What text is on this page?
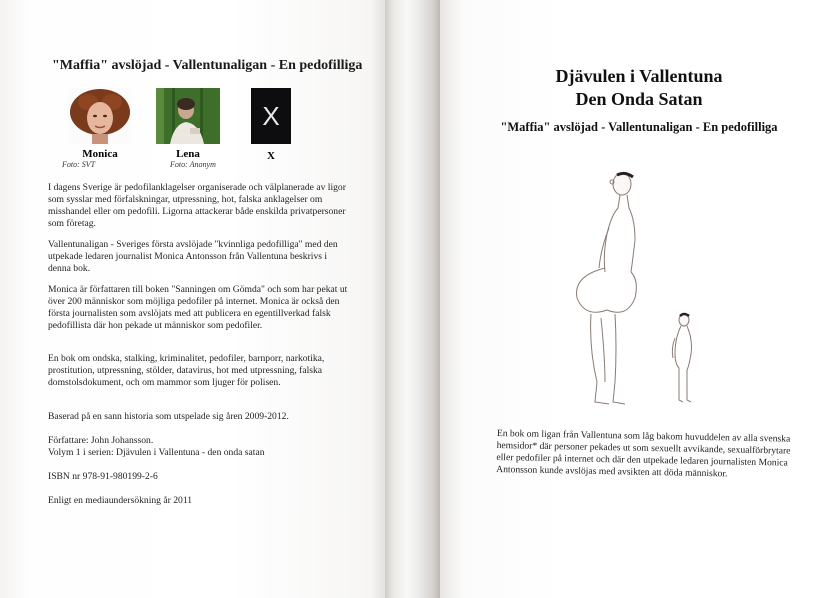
"Maffia" avslöjad - Vallentunaligan - En pedofilliga
Monica
Foto: SVT
Lena
Foto: Anonym
X
X
I dagens Sverige är pedofilanklagelser organiserade och välplanerade av ligor som sysslar med förfalskningar, utpressning, hot, falska anklagelser om misshandel eller om pedofili. Ligorna attackerar både enskilda privatpersoner som företag.
Vallentunaligan - Sveriges första avslöjade "kvinnliga pedofilliga" med den utpekade ledaren journalist Monica Antonsson från Vallentuna beskrivs i denna bok.
Monica är författaren till boken "Sanningen om Gömda" och som har pekat ut över 200 människor som möjliga pedofiler på internet. Monica är också den första journalisten som avslöjats med att publicera en egentillverkad falsk pedofillista där hon pekade ut människor som pedofiler.
En bok om ondska, stalking, kriminalitet, pedofiler, barnporr, narkotika, prostitution, utpressning, stölder, datavirus, hot med utpressning, falska domstolsdokument, och om mammor som ljuger för polisen.
Baserad på en sann historia som utspelade sig åren 2009-2012.
Författare: John Johansson.
Volym 1 i serien: Djävulen i Vallentuna - den onda satan
ISBN nr 978-91-980199-2-6
Enligt en mediaundersökning år 2011
Djävulen i Vallentuna
Den Onda Satan
"Maffia" avslöjad - Vallentunaligan - En pedofilliga
En bok om ligan från Vallentuna som låg bakom huvuddelen av alla svenska hemsidor* där personer pekades ut som sexuellt avvikande, sexualförbrytare eller pedofiler på internet och där den utpekade ledaren journalisten Monica Antonsson kunde avslöjas med avsikten att döda människor.
